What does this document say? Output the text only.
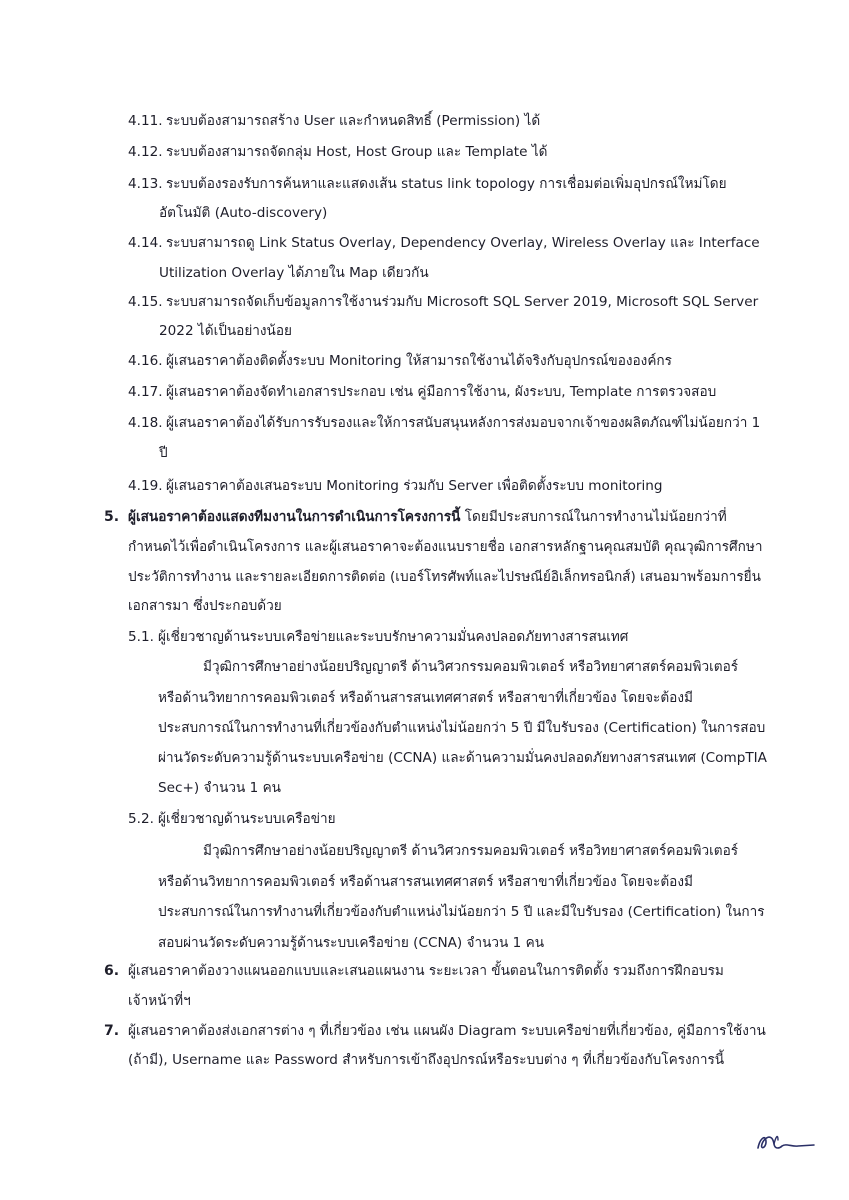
4.11. ระบบต้องสามารถสร้าง User และกำหนดสิทธิ์ (Permission) ได้
4.12. ระบบต้องสามารถจัดกลุ่ม Host, Host Group และ Template ได้
4.13. ระบบต้องรองรับการค้นหาและแสดงเส้น status link topology การเชื่อมต่อเพิ่มอุปกรณ์ใหม่โดย
อัตโนมัติ (Auto-discovery)
4.14. ระบบสามารถดู Link Status Overlay, Dependency Overlay, Wireless Overlay และ Interface
Utilization Overlay ได้ภายใน Map เดียวกัน
4.15. ระบบสามารถจัดเก็บข้อมูลการใช้งานร่วมกับ Microsoft SQL Server 2019, Microsoft SQL Server
2022 ได้เป็นอย่างน้อย
4.16. ผู้เสนอราคาต้องติดตั้งระบบ Monitoring ให้สามารถใช้งานได้จริงกับอุปกรณ์ขององค์กร
4.17. ผู้เสนอราคาต้องจัดทำเอกสารประกอบ เช่น คู่มือการใช้งาน, ผังระบบ, Template การตรวจสอบ
4.18. ผู้เสนอราคาต้องได้รับการรับรองและให้การสนับสนุนหลังการส่งมอบจากเจ้าของผลิตภัณฑ์ไม่น้อยกว่า 1
ปี
4.19. ผู้เสนอราคาต้องเสนอระบบ Monitoring ร่วมกับ Server เพื่อติดตั้งระบบ monitoring
5. ผู้เสนอราคาต้องแสดงทีมงานในการดำเนินการโครงการนี้ โดยมีประสบการณ์ในการทำงานไม่น้อยกว่าที่
กำหนดไว้เพื่อดำเนินโครงการ และผู้เสนอราคาจะต้องแนบรายชื่อ เอกสารหลักฐานคุณสมบัติ คุณวุฒิการศึกษา
ประวัติการทำงาน และรายละเอียดการติดต่อ (เบอร์โทรศัพท์และไปรษณีย์อิเล็กทรอนิกส์) เสนอมาพร้อมการยื่น
เอกสารมา ซึ่งประกอบด้วย
5.1. ผู้เชี่ยวชาญด้านระบบเครือข่ายและระบบรักษาความมั่นคงปลอดภัยทางสารสนเทศ
มีวุฒิการศึกษาอย่างน้อยปริญญาตรี ด้านวิศวกรรมคอมพิวเตอร์ หรือวิทยาศาสตร์คอมพิวเตอร์
หรือด้านวิทยาการคอมพิวเตอร์ หรือด้านสารสนเทศศาสตร์ หรือสาขาที่เกี่ยวข้อง โดยจะต้องมี
ประสบการณ์ในการทำงานที่เกี่ยวข้องกับตำแหน่งไม่น้อยกว่า 5 ปี มีใบรับรอง (Certification) ในการสอบ
ผ่านวัดระดับความรู้ด้านระบบเครือข่าย (CCNA) และด้านความมั่นคงปลอดภัยทางสารสนเทศ (CompTIA
Sec+) จำนวน 1 คน
5.2. ผู้เชี่ยวชาญด้านระบบเครือข่าย
มีวุฒิการศึกษาอย่างน้อยปริญญาตรี ด้านวิศวกรรมคอมพิวเตอร์ หรือวิทยาศาสตร์คอมพิวเตอร์
หรือด้านวิทยาการคอมพิวเตอร์ หรือด้านสารสนเทศศาสตร์ หรือสาขาที่เกี่ยวข้อง โดยจะต้องมี
ประสบการณ์ในการทำงานที่เกี่ยวข้องกับตำแหน่งไม่น้อยกว่า 5 ปี และมีใบรับรอง (Certification) ในการ
สอบผ่านวัดระดับความรู้ด้านระบบเครือข่าย (CCNA) จำนวน 1 คน
6. ผู้เสนอราคาต้องวางแผนออกแบบและเสนอแผนงาน ระยะเวลา ขั้นตอนในการติดตั้ง รวมถึงการฝึกอบรม
เจ้าหน้าที่ฯ
7. ผู้เสนอราคาต้องส่งเอกสารต่าง ๆ ที่เกี่ยวข้อง เช่น แผนผัง Diagram ระบบเครือข่ายที่เกี่ยวข้อง, คู่มือการใช้งาน
(ถ้ามี), Username และ Password สำหรับการเข้าถึงอุปกรณ์หรือระบบต่าง ๆ ที่เกี่ยวข้องกับโครงการนี้
